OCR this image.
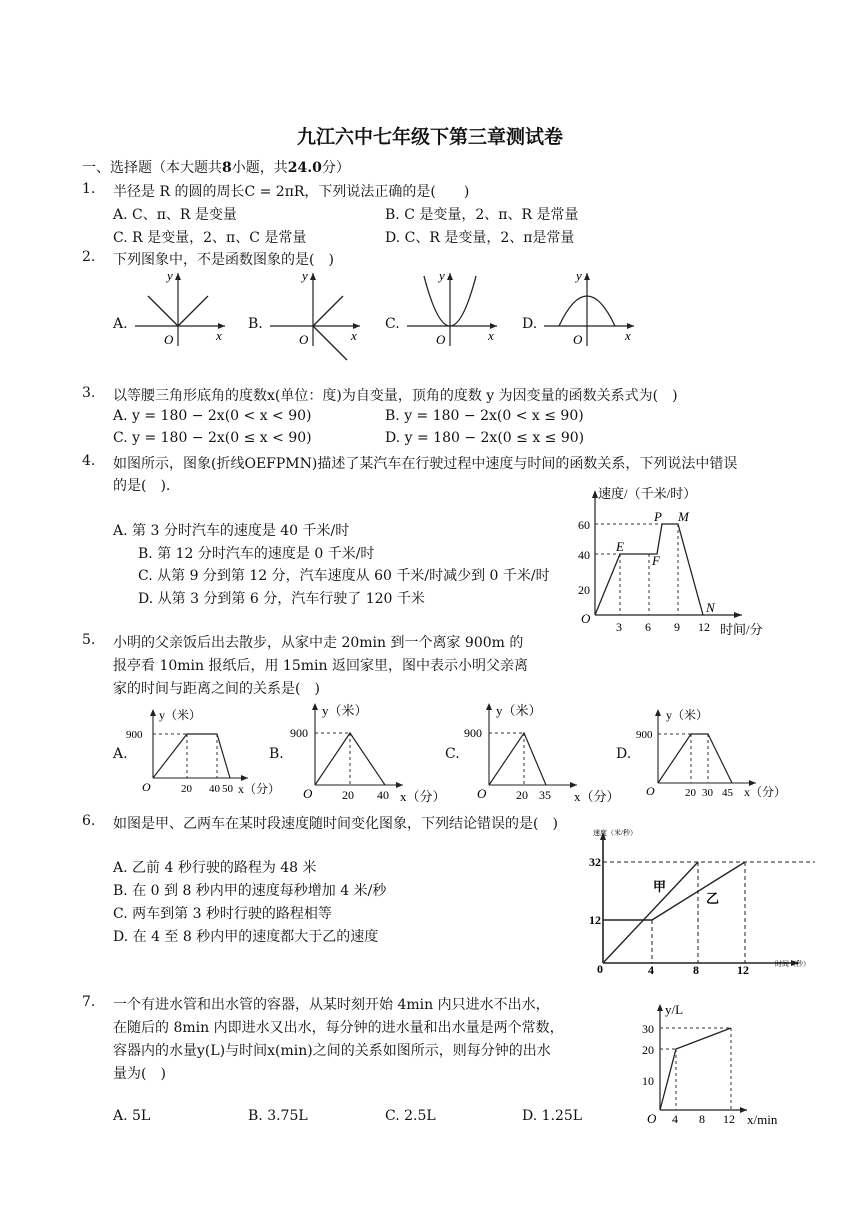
九江六中七年级下第三章测试卷
一、选择题（本大题共8小题，共24.0分）
1. 半径是 R 的圆的周长C = 2πR，下列说法正确的是(　　)
A. C、π、R 是变量	B. C 是变量，2、π、R 是常量
C. R 是变量，2、π、C 是常量	D. C、R 是变量，2、π是常量
2. 下列图象中，不是函数图象的是(　)
A.
y
O	x
B.
y
O	x
C.
y
O	x
D.
y
O	x
3. 以等腰三角形底角的度数x(单位：度)为自变量，顶角的度数 y 为因变量的函数关系式为(　)
A. y = 180 − 2x(0 < x < 90)	B. y = 180 − 2x(0 < x ≤ 90)
C. y = 180 − 2x(0 ≤ x < 90)	D. y = 180 − 2x(0 ≤ x ≤ 90)
4. 如图所示，图象(折线OEFPMN)描述了某汽车在行驶过程中速度与时间的函数关系，下列说法中错误
的是(　).
A. 第 3 分时汽车的速度是 40 千米/时
B. 第 12 分时汽车的速度是 0 千米/时
C. 从第 9 分到第 12 分，汽车速度从 60 千米/时减少到 0 千米/时
D. 从第 3 分到第 6 分，汽车行驶了 120 千米
速度/（千米/时）
时间/分
O
20
40
60
3 6 9 12
E
F
P M
N
5. 小明的父亲饭后出去散步，从家中走 20min 到一个离家 900m 的
报亭看 10min 报纸后，用 15min 返回家里，图中表示小明父亲离
家的时间与距离之间的关系是(　)
A.
y（米）
900
20 40 50 x（分）
O
B.
y（米）
900
20 40 x（分）
O
C.
y（米）
900
20 35 x（分）
O
D.
y（米）
900
20 30 45 x（分）
O
6. 如图是甲、乙两车在某时段速度随时间变化图象，下列结论错误的是(　)
A. 乙前 4 秒行驶的路程为 48 米
B. 在 0 到 8 秒内甲的速度每秒增加 4 米/秒
C. 两车到第 3 秒时行驶的路程相等
D. 在 4 至 8 秒内甲的速度都大于乙的速度
速度（米/秒）
时间（秒）
0
12
32
4	8	12
甲
乙
7. 一个有进水管和出水管的容器，从某时刻开始 4min 内只进水不出水，
在随后的 8min 内即进水又出水，每分钟的进水量和出水量是两个常数，
容器内的水量y(L)与时间x(min)之间的关系如图所示，则每分钟的出水
量为(　)
A. 5L	B. 3.75L	C. 2.5L	D. 1.25L
y/L
x/min
O
10
20
30
4 8 12
